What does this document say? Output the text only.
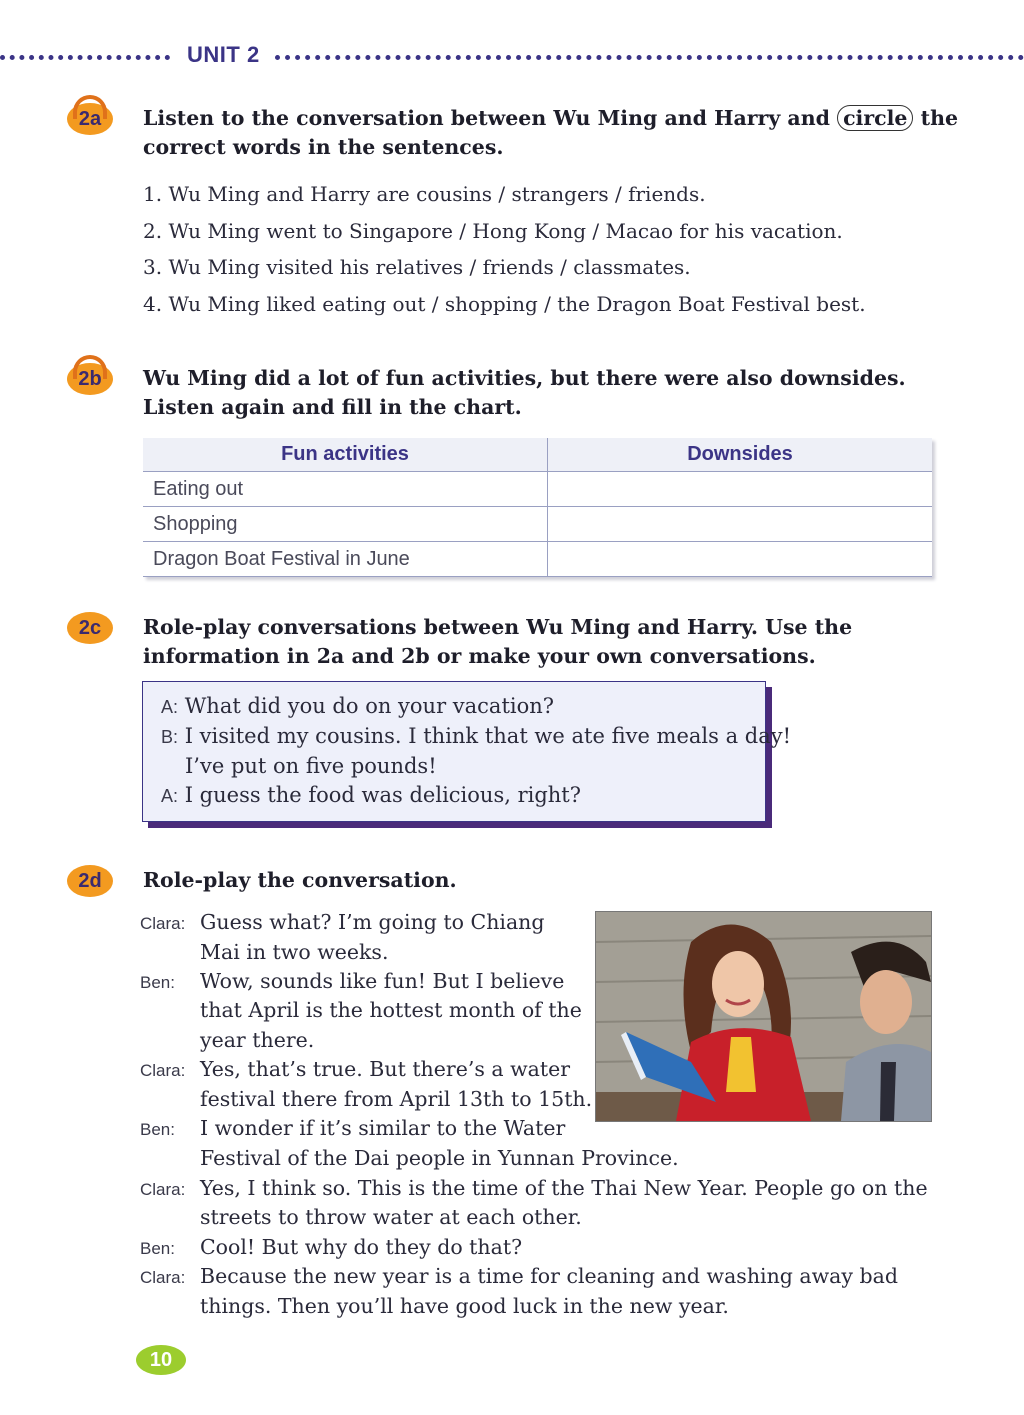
UNIT 2
2a	Listen to the conversation between Wu Ming and Harry and circle the
correct words in the sentences.
1. Wu Ming and Harry are cousins / strangers / friends.
2. Wu Ming went to Singapore / Hong Kong / Macao for his vacation.
3. Wu Ming visited his relatives / friends / classmates.
4. Wu Ming liked eating out / shopping / the Dragon Boat Festival best.
2b	Wu Ming did a lot of fun activities, but there were also downsides.
Listen again and fill in the chart.
Fun activities	Downsides
Eating out	
Shopping	
Dragon Boat Festival in June	
2c	Role-play conversations between Wu Ming and Harry. Use the
information in 2a and 2b or make your own conversations.
A: What did you do on your vacation?
B: I visited my cousins. I think that we ate five meals a day!
I’ve put on five pounds!
A: I guess the food was delicious, right?
2d	Role-play the conversation.
Clara:
Ben:
Clara:
Ben:
Clara:
Ben:
Clara:
Guess what? I’m going to Chiang
Mai in two weeks.
Wow, sounds like fun! But I believe
that April is the hottest month of the
year there.
Yes, that’s true. But there’s a water
festival there from April 13th to 15th.
I wonder if it’s similar to the Water
Festival of the Dai people in Yunnan Province.
Yes, I think so. This is the time of the Thai New Year. People go on the
streets to throw water at each other.
Cool! But why do they do that?
Because the new year is a time for cleaning and washing away bad
things. Then you’ll have good luck in the new year.
10
